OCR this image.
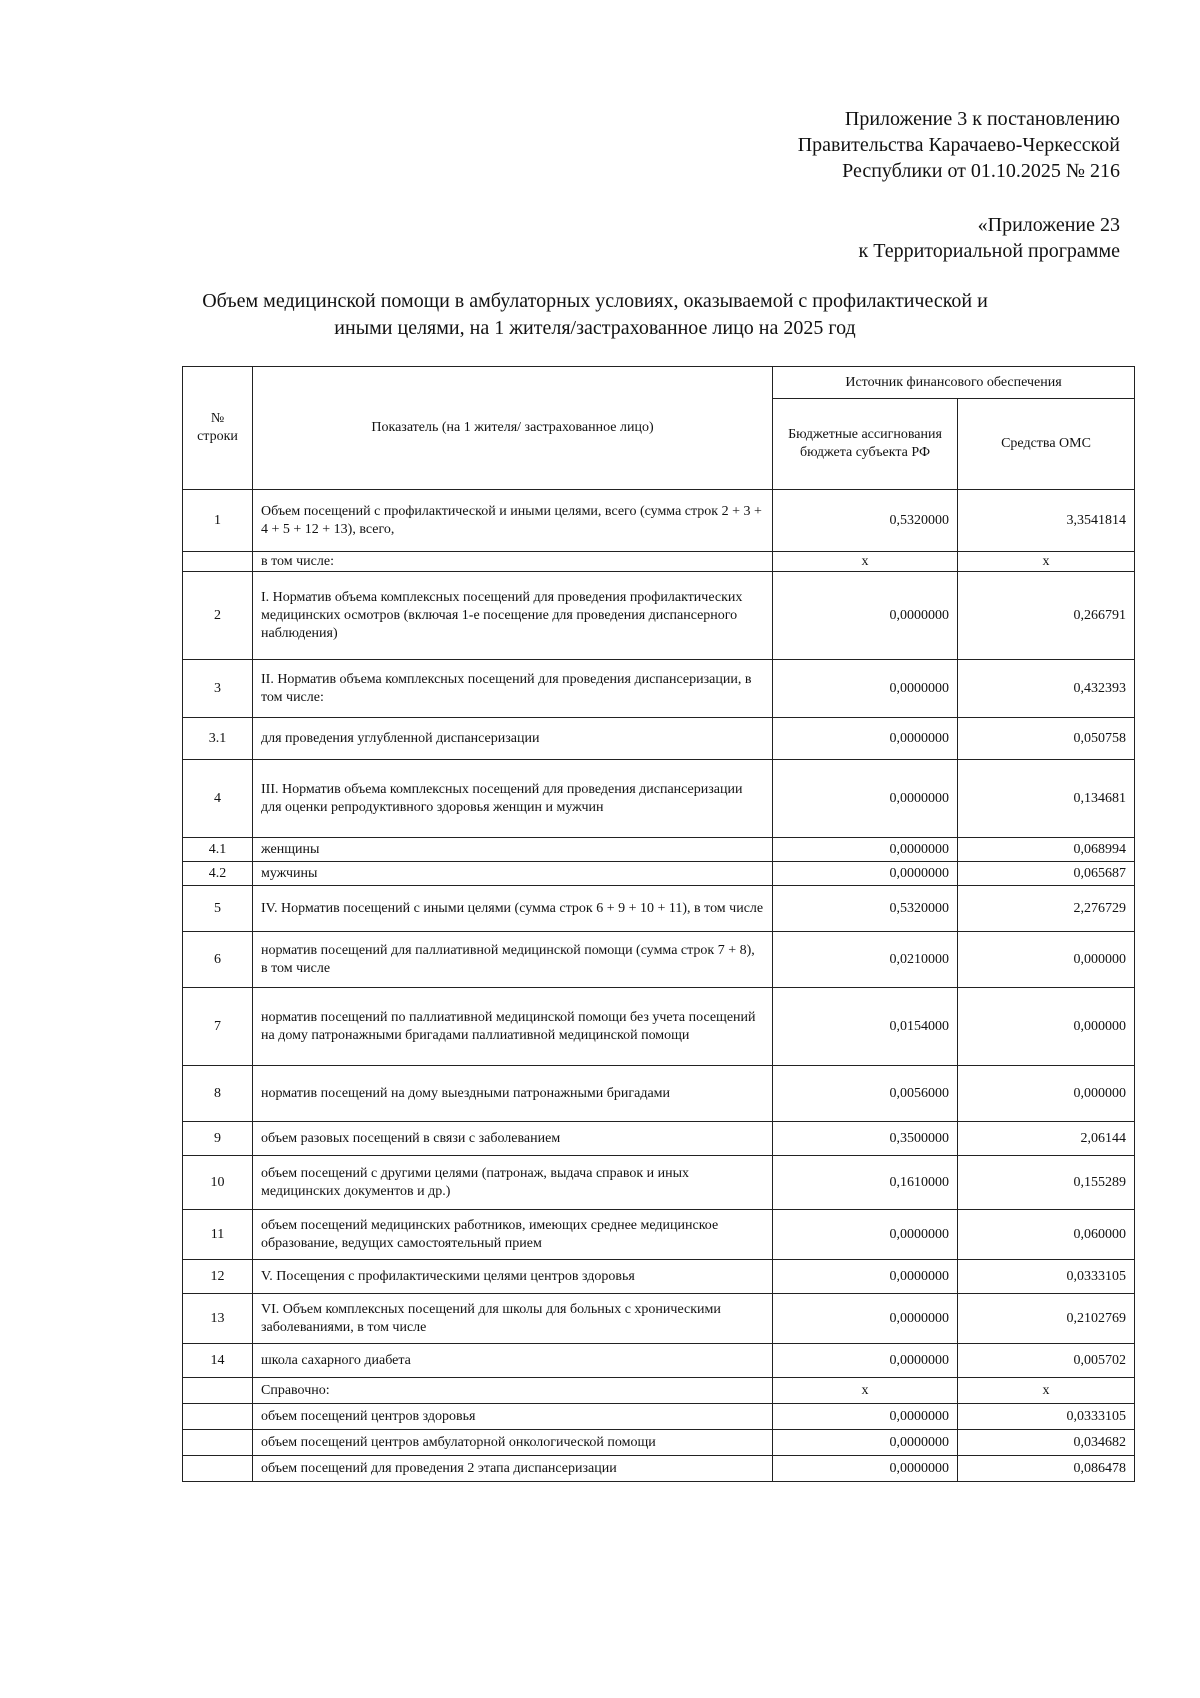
Приложение 3 к постановлению
Правительства Карачаево-Черкесской
Республики от 01.10.2025 № 216
«Приложение 23
к Территориальной программе
Объем медицинской помощи в амбулаторных условиях, оказываемой с профилактической и
иными целями, на 1 жителя/застрахованное лицо на 2025 год
№ строки	Показатель (на 1 жителя/ застрахованное лицо)	Источник финансового обеспечения	
		Бюджетные ассигнования бюджета субъекта РФ	Средства ОМС
1	Объем посещений с профилактической и иными целями, всего (сумма строк 2 + 3 + 4 + 5 + 12 + 13), всего,	0,5320000	3,3541814
	в том числе:	х	х
2	I. Норматив объема комплексных посещений для проведения профилактических медицинских осмотров (включая 1-е посещение для проведения диспансерного наблюдения)	0,0000000	0,266791
3	II. Норматив объема комплексных посещений для проведения диспансеризации, в том числе:	0,0000000	0,432393
3.1	для проведения углубленной диспансеризации	0,0000000	0,050758
4	III. Норматив объема комплексных посещений для проведения диспансеризации для оценки репродуктивного здоровья женщин и мужчин	0,0000000	0,134681
4.1	женщины	0,0000000	0,068994
4.2	мужчины	0,0000000	0,065687
5	IV. Норматив посещений с иными целями (сумма строк 6 + 9 + 10 + 11), в том числе	0,5320000	2,276729
6	норматив посещений для паллиативной медицинской помощи (сумма строк 7 + 8), в том числе	0,0210000	0,000000
7	норматив посещений по паллиативной медицинской помощи без учета посещений на дому патронажными бригадами паллиативной медицинской помощи	0,0154000	0,000000
8	норматив посещений на дому выездными патронажными бригадами	0,0056000	0,000000
9	объем разовых посещений в связи с заболеванием	0,3500000	2,06144
10	объем посещений с другими целями (патронаж, выдача справок и иных медицинских документов и др.)	0,1610000	0,155289
11	объем посещений медицинских работников, имеющих среднее медицинское образование, ведущих самостоятельный прием	0,0000000	0,060000
12	V. Посещения с профилактическими целями центров здоровья	0,0000000	0,0333105
13	VI. Объем комплексных посещений для школы для больных с хроническими заболеваниями, в том числе	0,0000000	0,2102769
14	школа сахарного диабета	0,0000000	0,005702
	Справочно:	х	х
	объем посещений центров здоровья	0,0000000	0,0333105
	объем посещений центров амбулаторной онкологической помощи	0,0000000	0,034682
	объем посещений для проведения 2 этапа диспансеризации	0,0000000	0,086478
